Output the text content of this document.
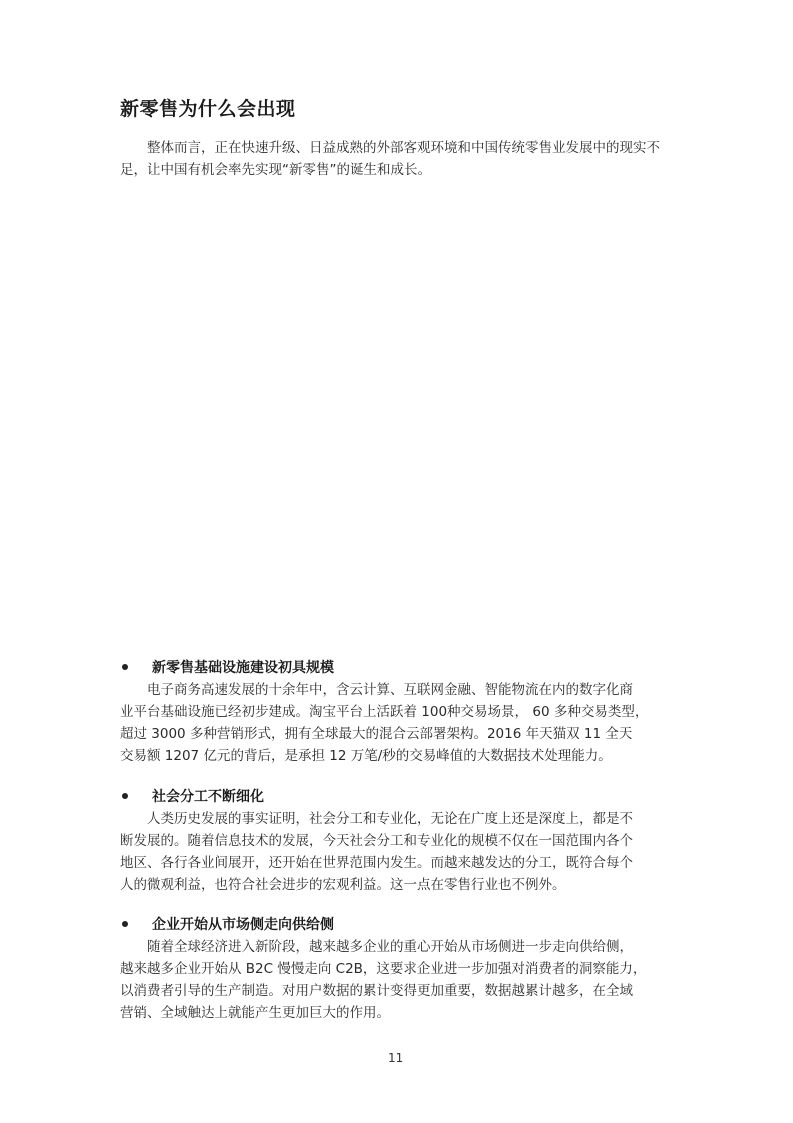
新零售为什么会出现

整体而言，正在快速升级、日益成熟的外部客观环境和中国传统零售业发展中的现实不足，让中国有机会率先实现“新零售”的诞生和成长。

新零售基础设施建设初具规模

电子商务高速发展的十余年中，含云计算、互联网金融、智能物流在内的数字化商
业平台基础设施已经初步建成。淘宝平台上活跃着 100种交易场景， 60 多种交易类型，
超过 3000 多种营销形式，拥有全球最大的混合云部署架构。2016 年天猫双 11 全天
交易额 1207 亿元的背后，是承担 12 万笔/秒的交易峰值的大数据技术处理能力。

社会分工不断细化

人类历史发展的事实证明，社会分工和专业化，无论在广度上还是深度上，都是不
断发展的。随着信息技术的发展，今天社会分工和专业化的规模不仅在一国范围内各个
地区、各行各业间展开，还开始在世界范围内发生。而越来越发达的分工，既符合每个
人的微观利益，也符合社会进步的宏观利益。这一点在零售行业也不例外。

企业开始从市场侧走向供给侧

随着全球经济进入新阶段，越来越多企业的重心开始从市场侧进一步走向供给侧，
越来越多企业开始从 B2C 慢慢走向 C2B，这要求企业进一步加强对消费者的洞察能力，
以消费者引导的生产制造。对用户数据的累计变得更加重要，数据越累计越多，在全域
营销、全域触达上就能产生更加巨大的作用。

11
